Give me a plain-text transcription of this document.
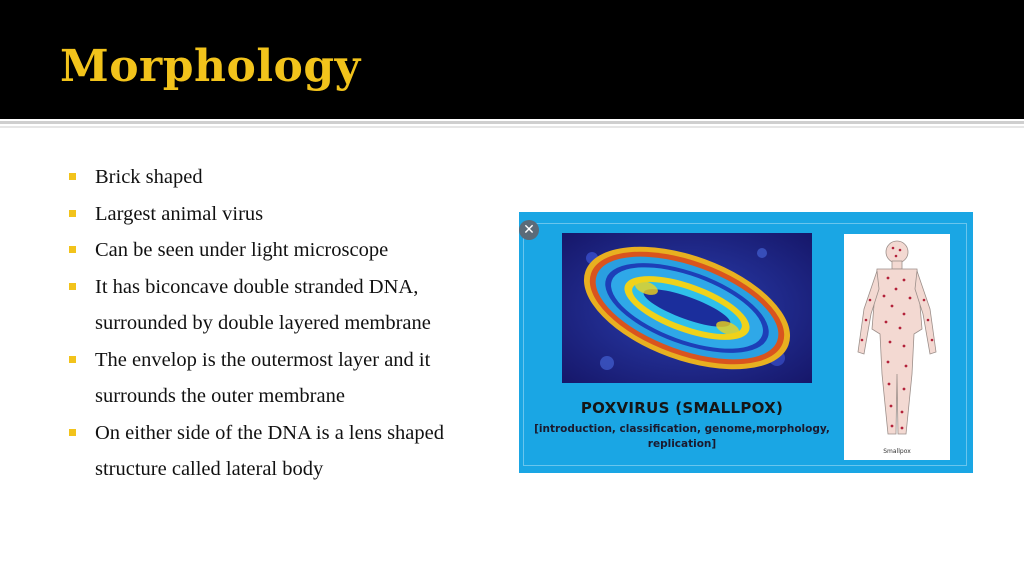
Morphology
Brick shaped
Largest animal virus
Can be seen under light microscope
It has biconcave double stranded DNA,
surrounded by double layered membrane
The envelop is the outermost layer and it
surrounds the outer membrane
On either side of the DNA is a lens shaped
structure called lateral body
✕
Smallpox
POXVIRUS (SMALLPOX)
[introduction, classification, genome,morphology,
replication]
